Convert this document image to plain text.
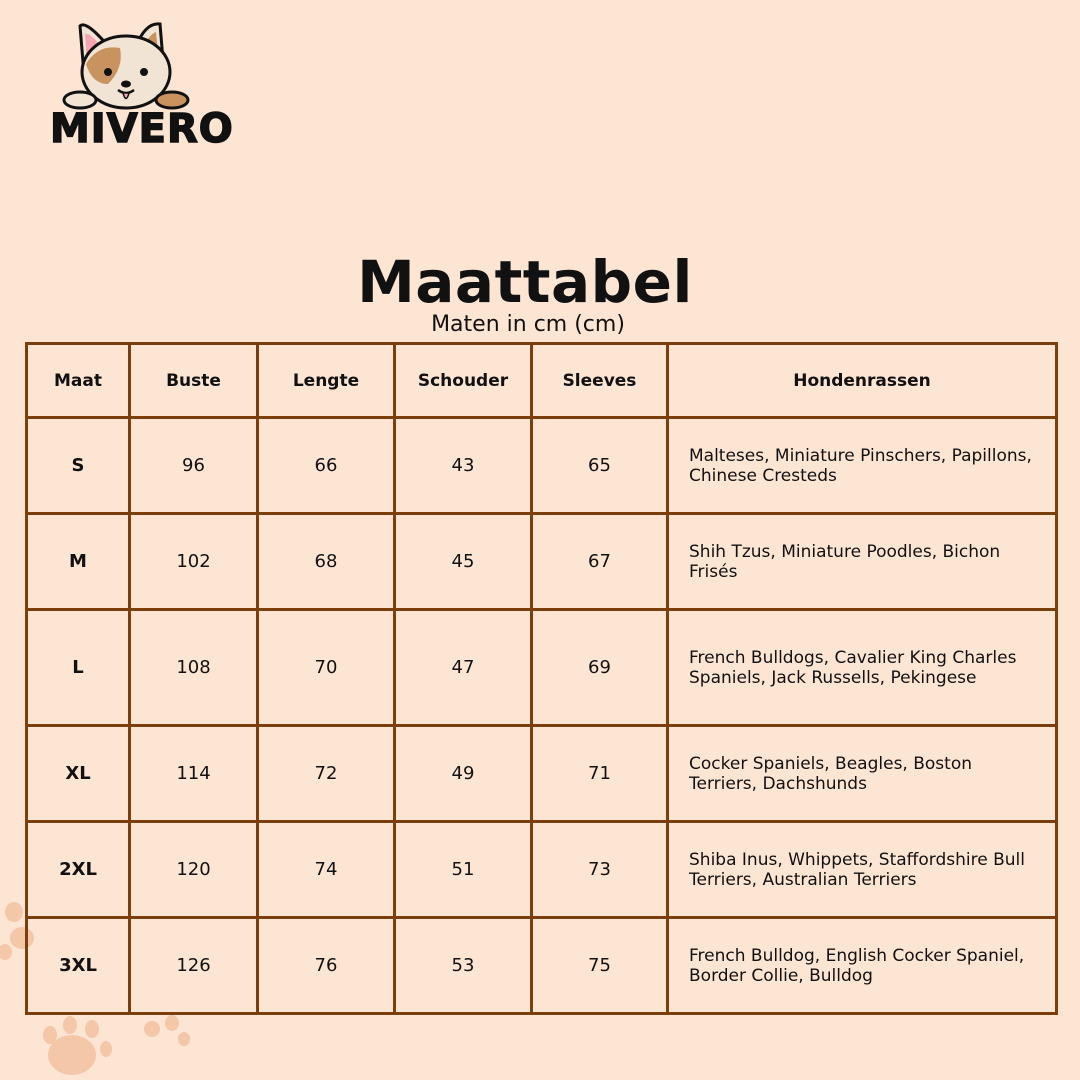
MIVERO
Maattabel
Maten in cm (cm)
Maat	Buste	Lengte	Schouder	Sleeves	Hondenrassen
S	96	66	43	65	Malteses, Miniature Pinschers, Papillons, Chinese Cresteds
M	102	68	45	67	Shih Tzus, Miniature Poodles, Bichon Frisés
L	108	70	47	69	French Bulldogs, Cavalier King Charles Spaniels, Jack Russells, Pekingese
XL	114	72	49	71	Cocker Spaniels, Beagles, Boston Terriers, Dachshunds
2XL	120	74	51	73	Shiba Inus, Whippets, Staffordshire Bull Terriers, Australian Terriers
3XL	126	76	53	75	French Bulldog, English Cocker Spaniel, Border Collie, Bulldog
